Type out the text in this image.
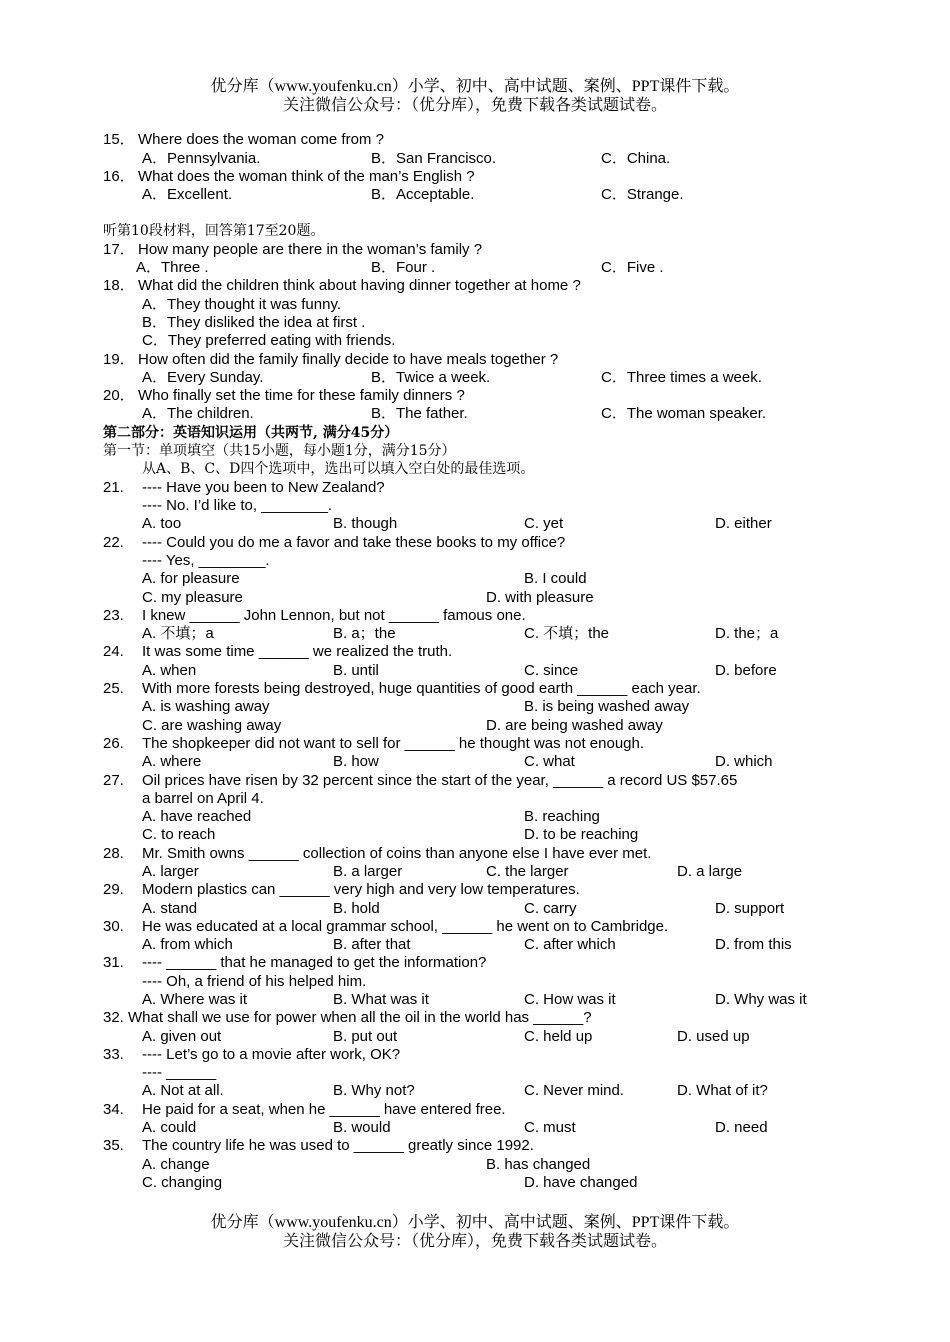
优分库（www.youfenku.cn）小学、初中、高中试题、案例、PPT课件下载。
关注微信公众号：（优分库），免费下载各类试题试卷。
15． Where does the woman come from ?
A．Pennsylvania.	B．San Francisco.	C．China.
16． What does the woman think of the man’s English ?
A．Excellent.	B．Acceptable.	C．Strange.
听第10段材料，回答第17至20题。
17． How many people are there in the woman’s family ?
A．Three .	B．Four .	C．Five .
18． What did the children think about having dinner together at home ?
A．They thought it was funny.
B．They disliked the idea at first .
C．They preferred eating with friends.
19． How often did the family finally decide to have meals together ?
A．Every Sunday.	B．Twice a week.	C．Three times a week.
20． Who finally set the time for these family dinners ?
A．The children.	B．The father.	C．The woman speaker.
第二部分：英语知识运用（共两节, 满分45分）
第一节：单项填空（共15小题，每小题1分，满分15分）
从A、B、C、D四个选项中，选出可以填入空白处的最佳选项。
21. ---- Have you been to New Zealand?
---- No. I’d like to, ________.
A. too	B. though	C. yet	D. either
22. ---- Could you do me a favor and take these books to my office?
---- Yes, ________.
A. for pleasure	B. I could
C. my pleasure	D. with pleasure
23. I knew ______ John Lennon, but not ______ famous one.
A. 不填；a	B. a；the	C. 不填；the	D. the；a
24. It was some time ______ we realized the truth.
A. when	B. until	C. since	D. before
25. With more forests being destroyed, huge quantities of good earth ______ each year.
A. is washing away	B. is being washed away
C. are washing away	D. are being washed away
26. The shopkeeper did not want to sell for ______ he thought was not enough.
A. where	B. how	C. what	D. which
27. Oil prices have risen by 32 percent since the start of the year, ______ a record US $57.65
a barrel on April 4.
A. have reached	B. reaching
C. to reach	D. to be reaching
28. Mr. Smith owns ______ collection of coins than anyone else I have ever met.
A. larger	B. a larger	C. the larger	D. a large
29. Modern plastics can ______ very high and very low temperatures.
A. stand	B. hold	C. carry	D. support
30. He was educated at a local grammar school, ______ he went on to Cambridge.
A. from which	B. after that	C. after which	D. from this
31. ---- ______ that he managed to get the information?
---- Oh, a friend of his helped him.
A. Where was it	B. What was it	C. How was it	D. Why was it
32. What shall we use for power when all the oil in the world has ______?
A. given out	B. put out	C. held up	D. used up
33. ---- Let’s go to a movie after work, OK?
---- ______
A. Not at all.	B. Why not?	C. Never mind.	D. What of it?
34. He paid for a seat, when he ______ have entered free.
A. could	B. would	C. must	D. need
35. The country life he was used to ______ greatly since 1992.
A. change	B. has changed
C. changing	D. have changed
优分库（www.youfenku.cn）小学、初中、高中试题、案例、PPT课件下载。
关注微信公众号：（优分库），免费下载各类试题试卷。
